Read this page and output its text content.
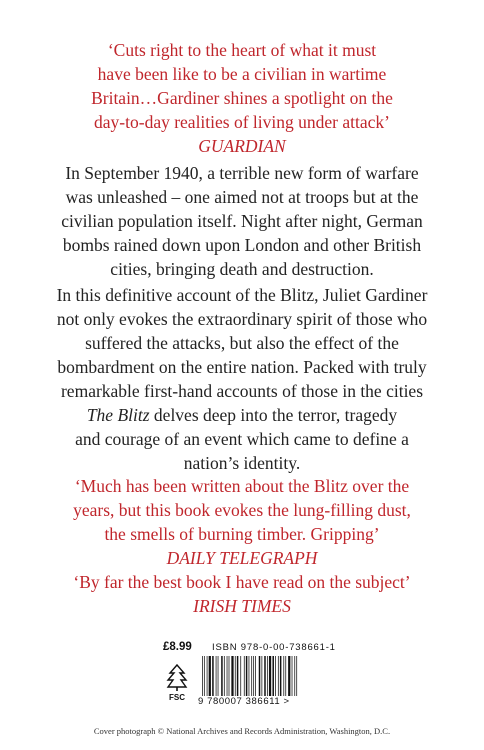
‘Cuts right to the heart of what it must
have been like to be a civilian in wartime
Britain…Gardiner shines a spotlight on the
day-to-day realities of living under attack’
GUARDIAN
In September 1940, a terrible new form of warfare
was unleashed – one aimed not at troops but at the
civilian population itself. Night after night, German
bombs rained down upon London and other British
cities, bringing death and destruction.
In this definitive account of the Blitz, Juliet Gardiner
not only evokes the extraordinary spirit of those who
suffered the attacks, but also the effect of the
bombardment on the entire nation. Packed with truly
remarkable first-hand accounts of those in the cities
The Blitz delves deep into the terror, tragedy
and courage of an event which came to define a
nation’s identity.
‘Much has been written about the Blitz over the
years, but this book evokes the lung-filling dust,
the smells of burning timber. Gripping’
DAILY TELEGRAPH
‘By far the best book I have read on the subject’
IRISH TIMES
£8.99 ISBN 978-0-00-738661-1
FSC 9 780007 386611 >
Cover photograph © National Archives and Records Administration, Washington, D.C.
